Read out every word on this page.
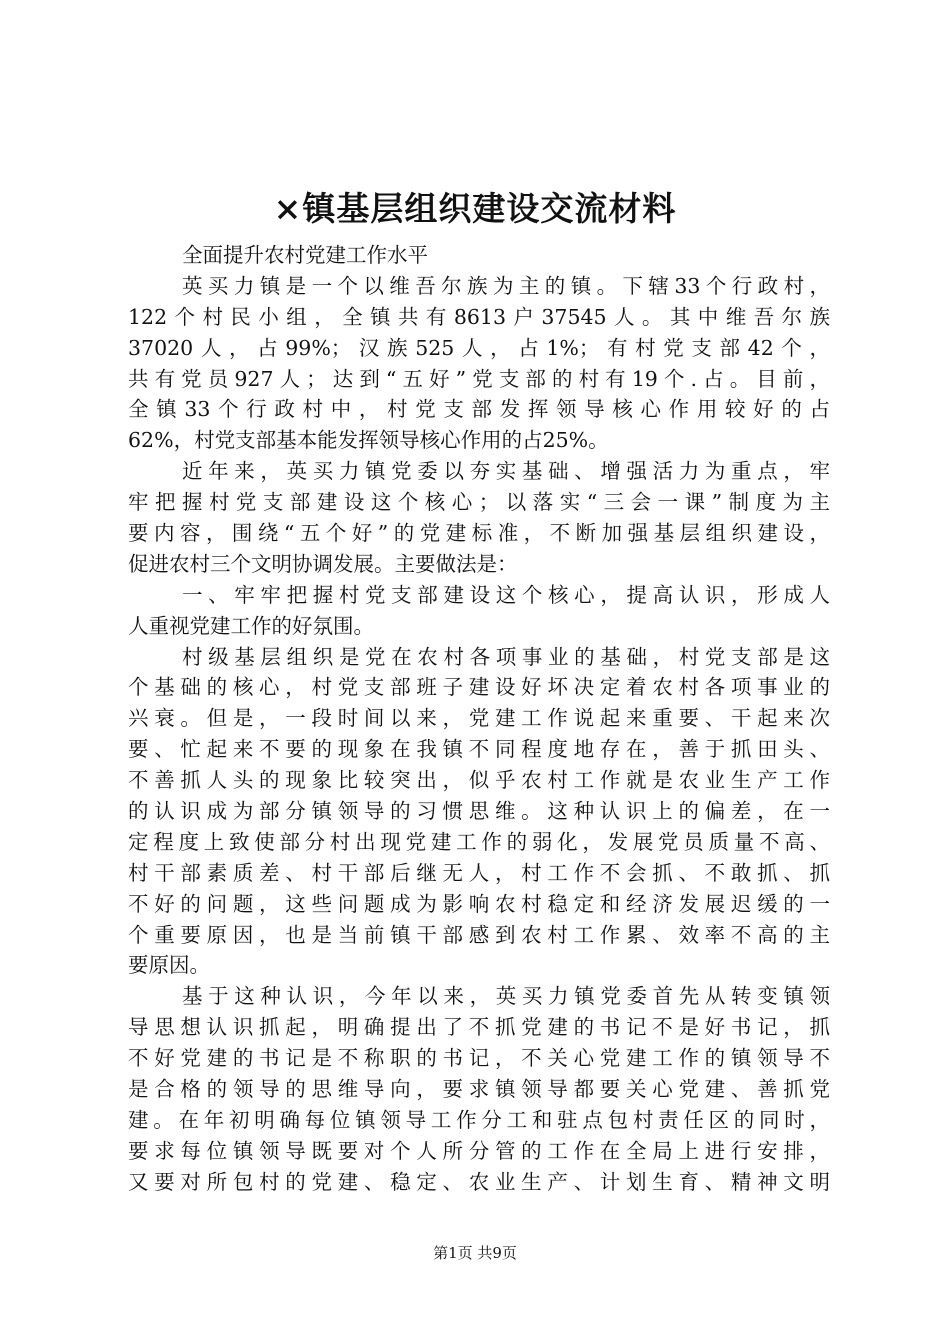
×镇基层组织建设交流材料
全面提升农村党建工作水平
英买力镇是一个以维吾尔族为主的镇。下辖33个行政村，
122个村民小组，全镇共有8613户37545人。其中维吾尔族
37020人，占99%；汉族525人，占1%；有村党支部42个，
共有党员927人；达到“五好”党支部的村有19个.占。目前，
全镇33个行政村中，村党支部发挥领导核心作用较好的占
62%，村党支部基本能发挥领导核心作用的占25%。
近年来，英买力镇党委以夯实基础、增强活力为重点，牢
牢把握村党支部建设这个核心；以落实“三会一课”制度为主
要内容，围绕“五个好”的党建标准，不断加强基层组织建设，
促进农村三个文明协调发展。主要做法是：
一、牢牢把握村党支部建设这个核心，提高认识，形成人
人重视党建工作的好氛围。
村级基层组织是党在农村各项事业的基础，村党支部是这
个基础的核心，村党支部班子建设好坏决定着农村各项事业的
兴衰。但是，一段时间以来，党建工作说起来重要、干起来次
要、忙起来不要的现象在我镇不同程度地存在，善于抓田头、
不善抓人头的现象比较突出，似乎农村工作就是农业生产工作
的认识成为部分镇领导的习惯思维。这种认识上的偏差，在一
定程度上致使部分村出现党建工作的弱化，发展党员质量不高、
村干部素质差、村干部后继无人，村工作不会抓、不敢抓、抓
不好的问题，这些问题成为影响农村稳定和经济发展迟缓的一
个重要原因，也是当前镇干部感到农村工作累、效率不高的主
要原因。
基于这种认识，今年以来，英买力镇党委首先从转变镇领
导思想认识抓起，明确提出了不抓党建的书记不是好书记，抓
不好党建的书记是不称职的书记，不关心党建工作的镇领导不
是合格的领导的思维导向，要求镇领导都要关心党建、善抓党
建。在年初明确每位镇领导工作分工和驻点包村责任区的同时，
要求每位镇领导既要对个人所分管的工作在全局上进行安排，
又要对所包村的党建、稳定、农业生产、计划生育、精神文明
第1页 共9页
